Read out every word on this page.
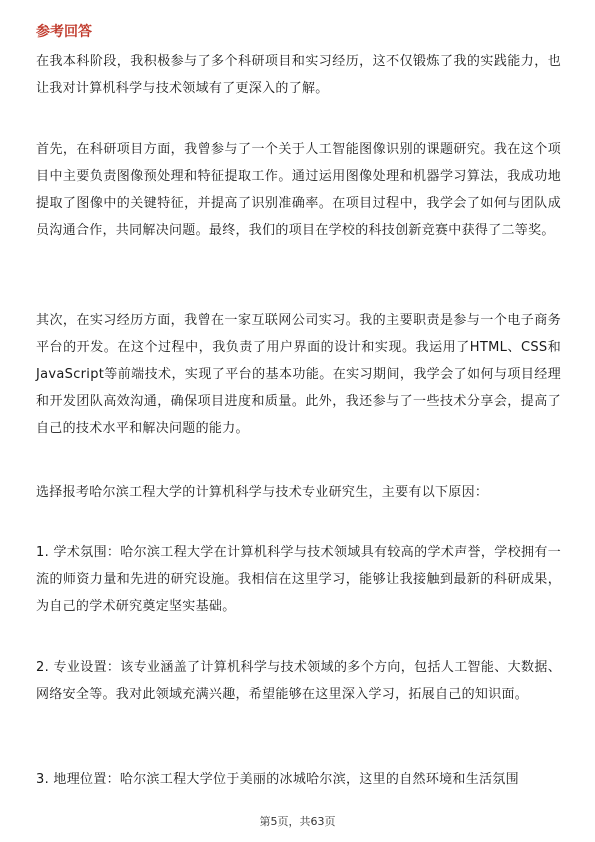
参考回答

在我本科阶段，我积极参与了多个科研项目和实习经历，这不仅锻炼了我的实践能力，也让我对计算机科学与技术领域有了更深入的了解。

首先，在科研项目方面，我曾参与了一个关于人工智能图像识别的课题研究。我在这个项目中主要负责图像预处理和特征提取工作。通过运用图像处理和机器学习算法，我成功地提取了图像中的关键特征，并提高了识别准确率。在项目过程中，我学会了如何与团队成员沟通合作，共同解决问题。最终，我们的项目在学校的科技创新竞赛中获得了二等奖。

其次，在实习经历方面，我曾在一家互联网公司实习。我的主要职责是参与一个电子商务平台的开发。在这个过程中，我负责了用户界面的设计和实现。我运用了HTML、CSS和JavaScript等前端技术，实现了平台的基本功能。在实习期间，我学会了如何与项目经理和开发团队高效沟通，确保项目进度和质量。此外，我还参与了一些技术分享会，提高了自己的技术水平和解决问题的能力。

选择报考哈尔滨工程大学的计算机科学与技术专业研究生，主要有以下原因：

1. 学术氛围：哈尔滨工程大学在计算机科学与技术领域具有较高的学术声誉，学校拥有一流的师资力量和先进的研究设施。我相信在这里学习，能够让我接触到最新的科研成果，为自己的学术研究奠定坚实基础。

2. 专业设置：该专业涵盖了计算机科学与技术领域的多个方向，包括人工智能、大数据、网络安全等。我对此领域充满兴趣，希望能够在这里深入学习，拓展自己的知识面。

3. 地理位置：哈尔滨工程大学位于美丽的冰城哈尔滨，这里的自然环境和生活氛围

第5页，共63页
